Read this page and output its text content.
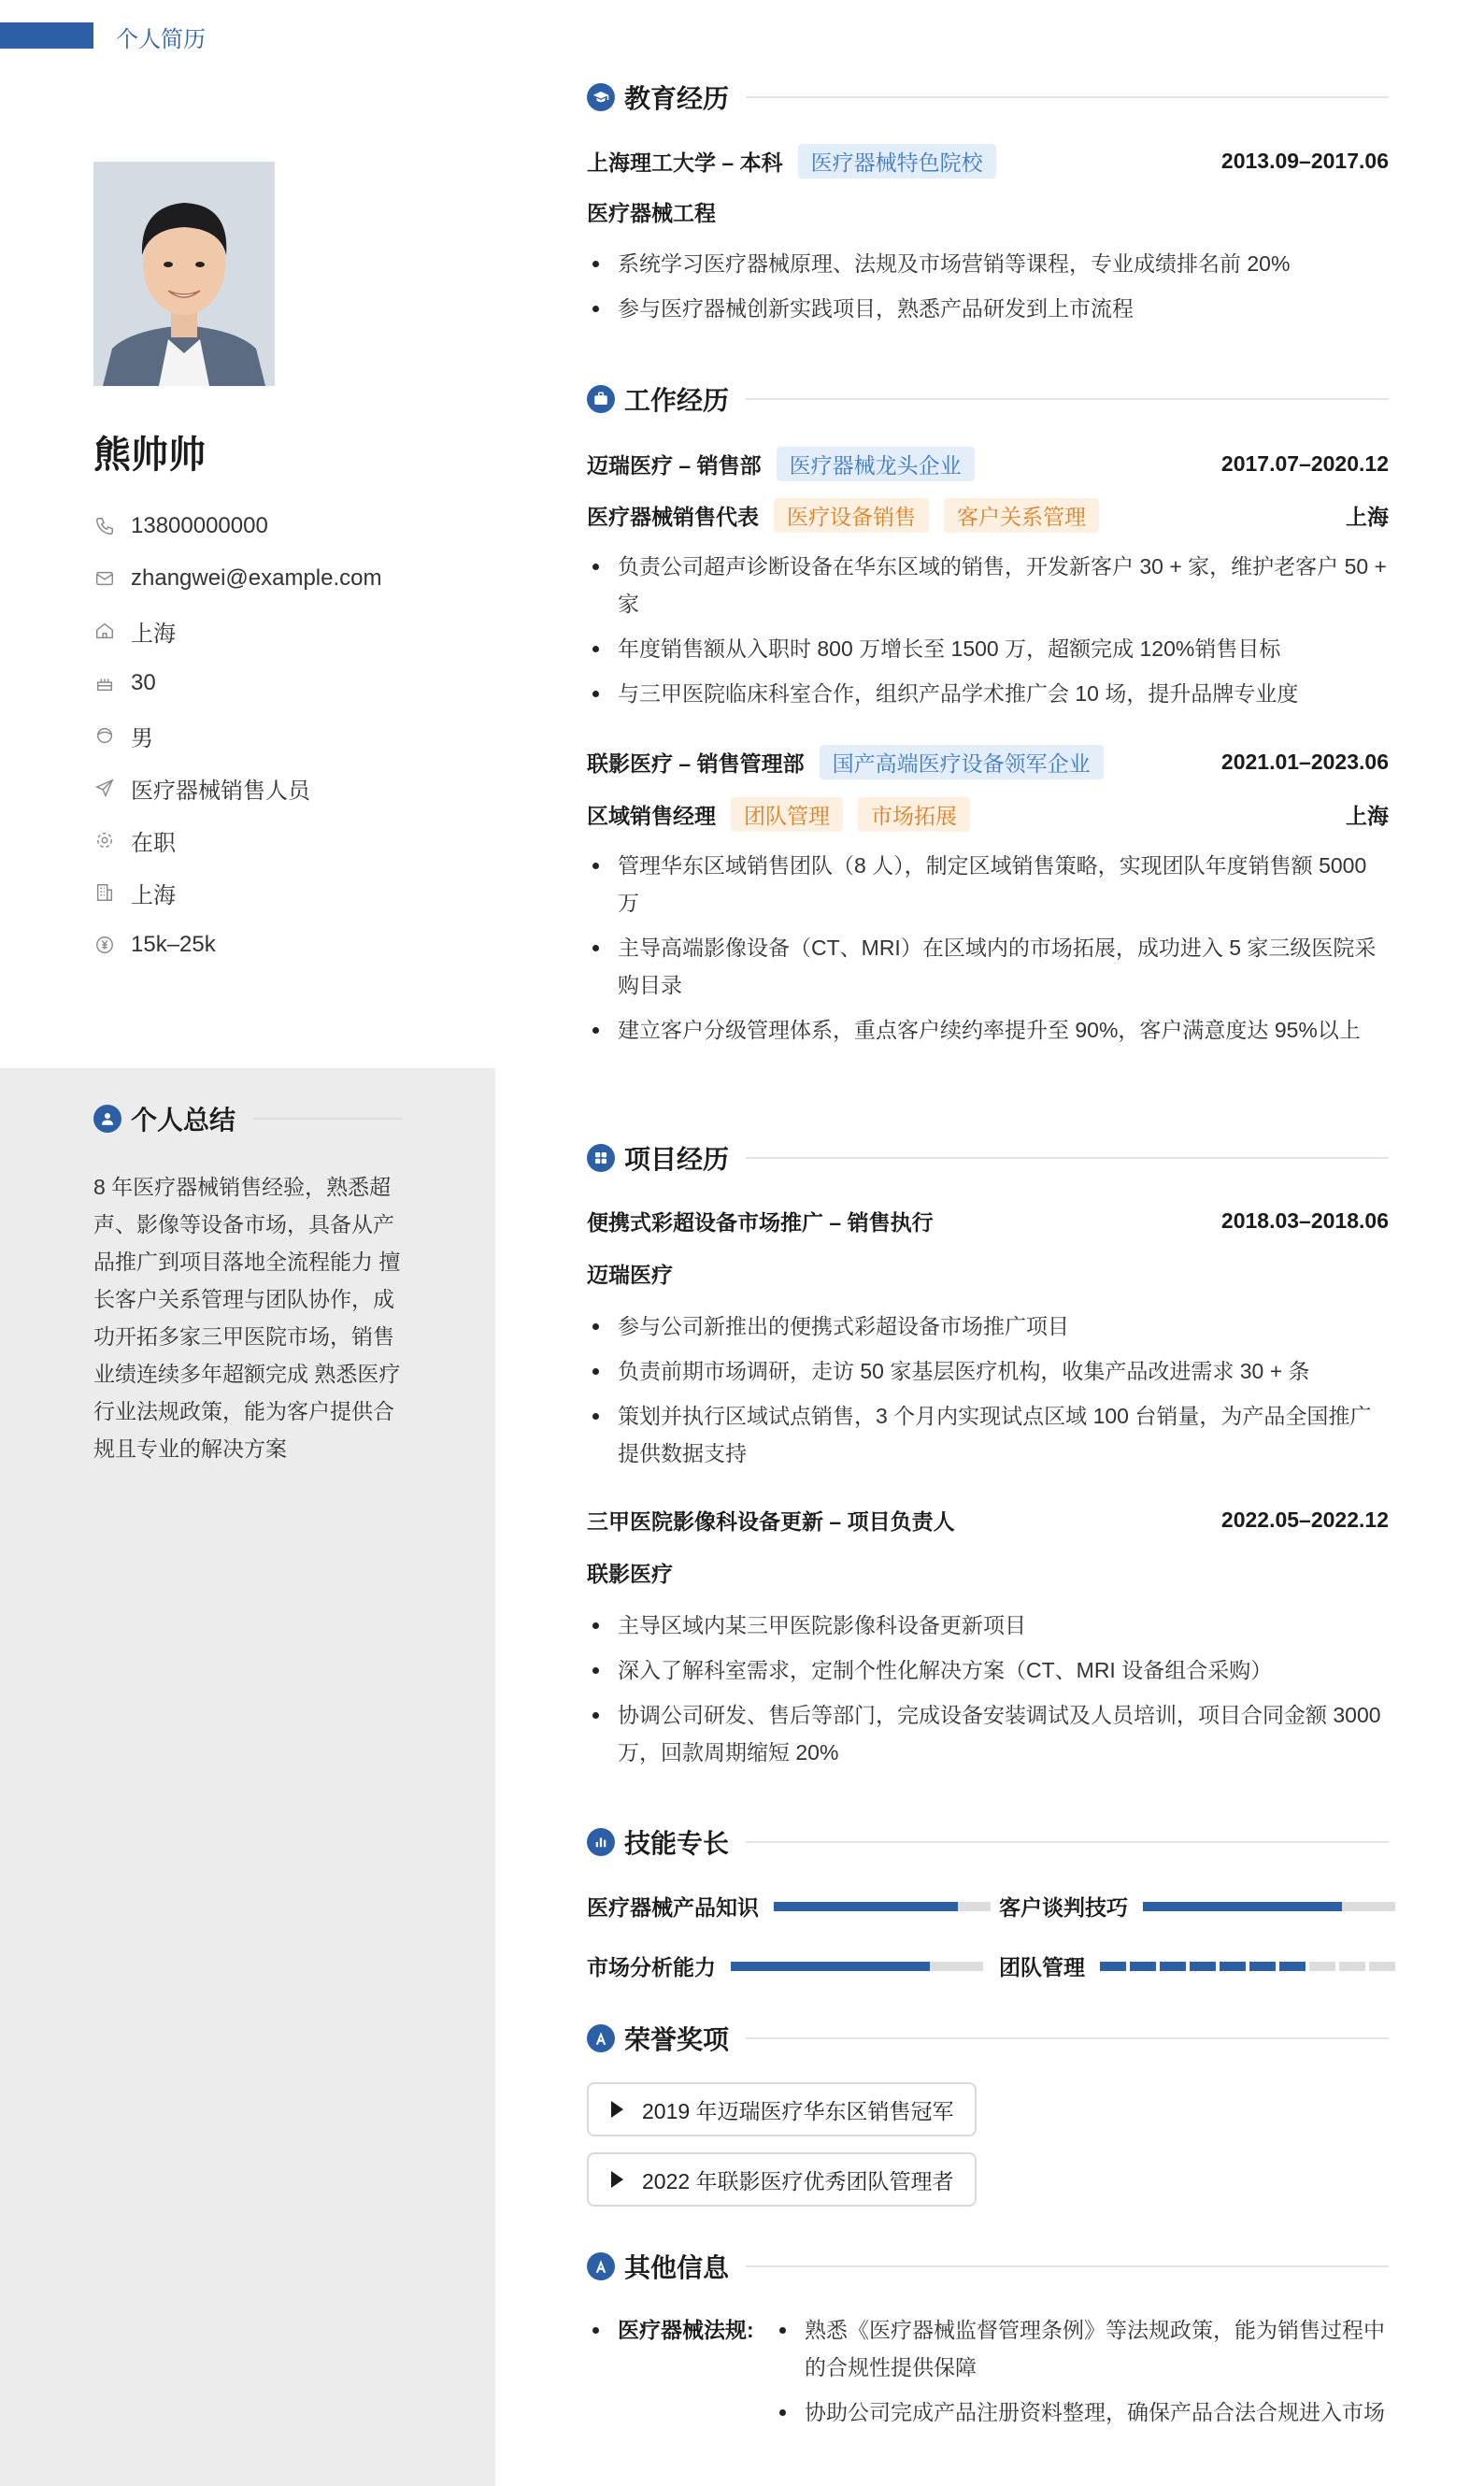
个人简历
熊帅帅
13800000000
zhangwei@example.com
上海
30
男
医疗器械销售人员
在职
上海
15k–25k
个人总结
8 年医疗器械销售经验，熟悉超声、影像等设备市场，具备从产品推广到项目落地全流程能力 擅长客户关系管理与团队协作，成功开拓多家三甲医院市场，销售业绩连续多年超额完成 熟悉医疗行业法规政策，能为客户提供合规且专业的解决方案
教育经历
上海理工大学 – 本科	医疗器械特色院校	2013.09–2017.06
医疗器械工程
系统学习医疗器械原理、法规及市场营销等课程，专业成绩排名前 20%
参与医疗器械创新实践项目，熟悉产品研发到上市流程
工作经历
迈瑞医疗 – 销售部	医疗器械龙头企业	2017.07–2020.12
医疗器械销售代表	医疗设备销售	客户关系管理	上海
负责公司超声诊断设备在华东区域的销售，开发新客户 30 + 家，维护老客户 50 + 家
年度销售额从入职时 800 万增长至 1500 万，超额完成 120%销售目标
与三甲医院临床科室合作，组织产品学术推广会 10 场，提升品牌专业度
联影医疗 – 销售管理部	国产高端医疗设备领军企业	2021.01–2023.06
区域销售经理	团队管理	市场拓展	上海
管理华东区域销售团队（8 人），制定区域销售策略，实现团队年度销售额 5000 万
主导高端影像设备（CT、MRI）在区域内的市场拓展，成功进入 5 家三级医院采购目录
建立客户分级管理体系，重点客户续约率提升至 90%，客户满意度达 95%以上
项目经历
便携式彩超设备市场推广 – 销售执行	2018.03–2018.06
迈瑞医疗
参与公司新推出的便携式彩超设备市场推广项目
负责前期市场调研，走访 50 家基层医疗机构，收集产品改进需求 30 + 条
策划并执行区域试点销售，3 个月内实现试点区域 100 台销量，为产品全国推广提供数据支持
三甲医院影像科设备更新 – 项目负责人	2022.05–2022.12
联影医疗
主导区域内某三甲医院影像科设备更新项目
深入了解科室需求，定制个性化解决方案（CT、MRI 设备组合采购）
协调公司研发、售后等部门，完成设备安装调试及人员培训，项目合同金额 3000 万，回款周期缩短 20%
技能专长
医疗器械产品知识	客户谈判技巧
市场分析能力	团队管理
荣誉奖项
2019 年迈瑞医疗华东区销售冠军
2022 年联影医疗优秀团队管理者
其他信息
医疗器械法规:	熟悉《医疗器械监督管理条例》等法规政策，能为销售过程中的合规性提供保障
协助公司完成产品注册资料整理，确保产品合法合规进入市场
